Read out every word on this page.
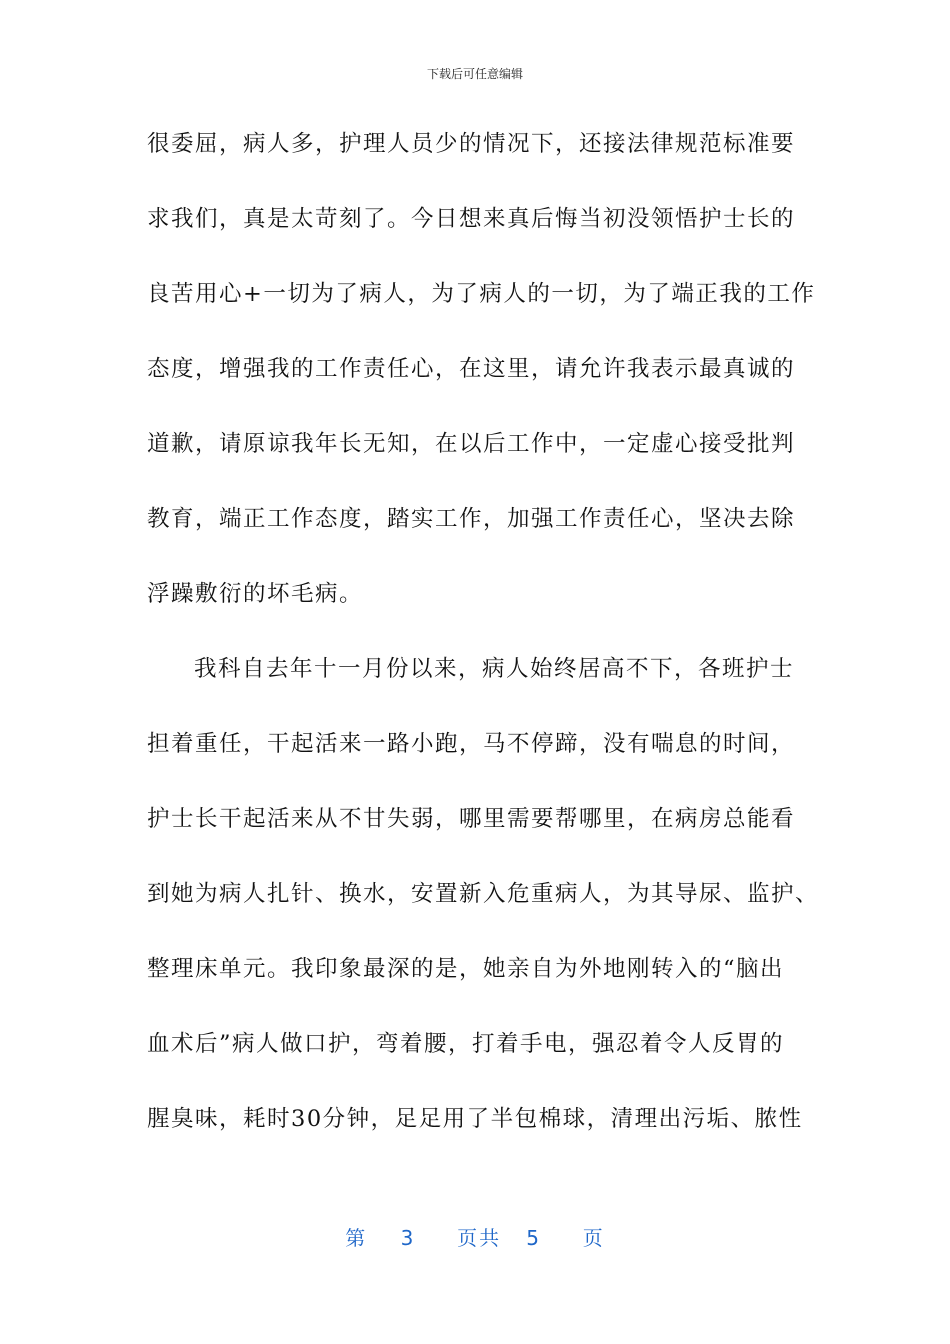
下载后可任意编辑
很委屈，病人多，护理人员少的情况下，还接法律规范标准要
求我们，真是太苛刻了。今日想来真后悔当初没领悟护士长的
良苦用心+一切为了病人，为了病人的一切，为了端正我的工作
态度，增强我的工作责任心，在这里，请允许我表示最真诚的
道歉，请原谅我年长无知，在以后工作中，一定虚心接受批判
教育，端正工作态度，踏实工作，加强工作责任心，坚决去除
浮躁敷衍的坏毛病。
我科自去年十一月份以来，病人始终居高不下，各班护士
担着重任，干起活来一路小跑，马不停蹄，没有喘息的时间，
护士长干起活来从不甘失弱，哪里需要帮哪里，在病房总能看
到她为病人扎针、换水，安置新入危重病人，为其导尿、监护、
整理床单元。我印象最深的是，她亲自为外地刚转入的“脑出
血术后”病人做口护，弯着腰，打着手电，强忍着令人反胃的
腥臭味，耗时30分钟，足足用了半包棉球，清理出污垢、脓性
第 3 页共 5 页
